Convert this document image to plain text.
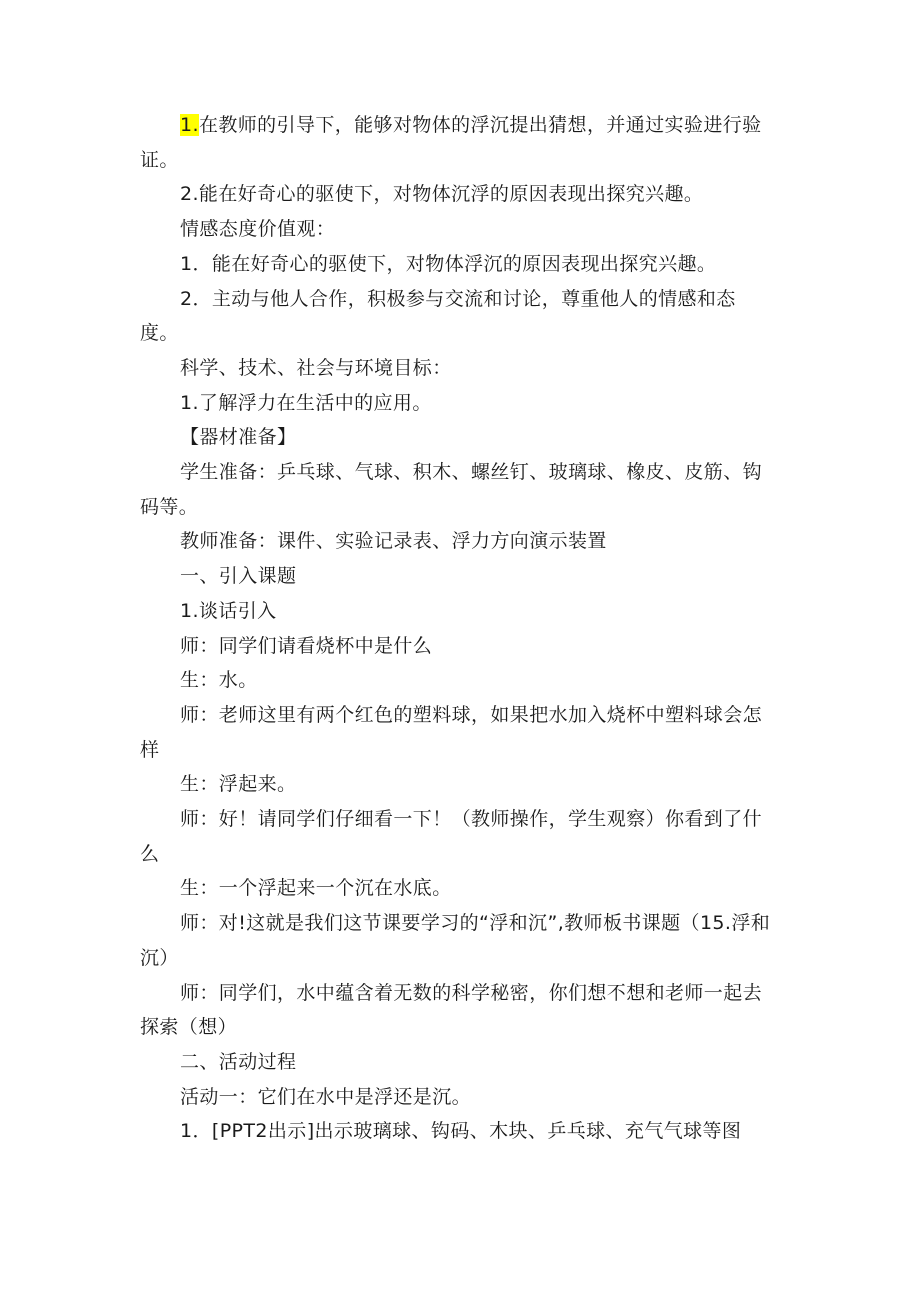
1.在教师的引导下，能够对物体的浮沉提出猜想，并通过实验进行验证。

2.能在好奇心的驱使下，对物体沉浮的原因表现出探究兴趣。

情感态度价值观：

1．能在好奇心的驱使下，对物体浮沉的原因表现出探究兴趣。

2．主动与他人合作，积极参与交流和讨论，尊重他人的情感和态度。

科学、技术、社会与环境目标：

1.了解浮力在生活中的应用。

【器材准备】

学生准备：乒乓球、气球、积木、螺丝钉、玻璃球、橡皮、皮筋、钩码等。

教师准备：课件、实验记录表、浮力方向演示装置

一、引入课题

1.谈话引入

师：同学们请看烧杯中是什么

生：水。

师：老师这里有两个红色的塑料球，如果把水加入烧杯中塑料球会怎样

生：浮起来。

师：好！请同学们仔细看一下！（教师操作，学生观察）你看到了什么

生：一个浮起来一个沉在水底。

师：对!这就是我们这节课要学习的“浮和沉”,教师板书课题（15.浮和沉）

师：同学们，水中蕴含着无数的科学秘密，你们想不想和老师一起去探索（想）

二、活动过程

活动一：它们在水中是浮还是沉。

1．[PPT2出示]出示玻璃球、钩码、木块、乒乓球、充气气球等图
